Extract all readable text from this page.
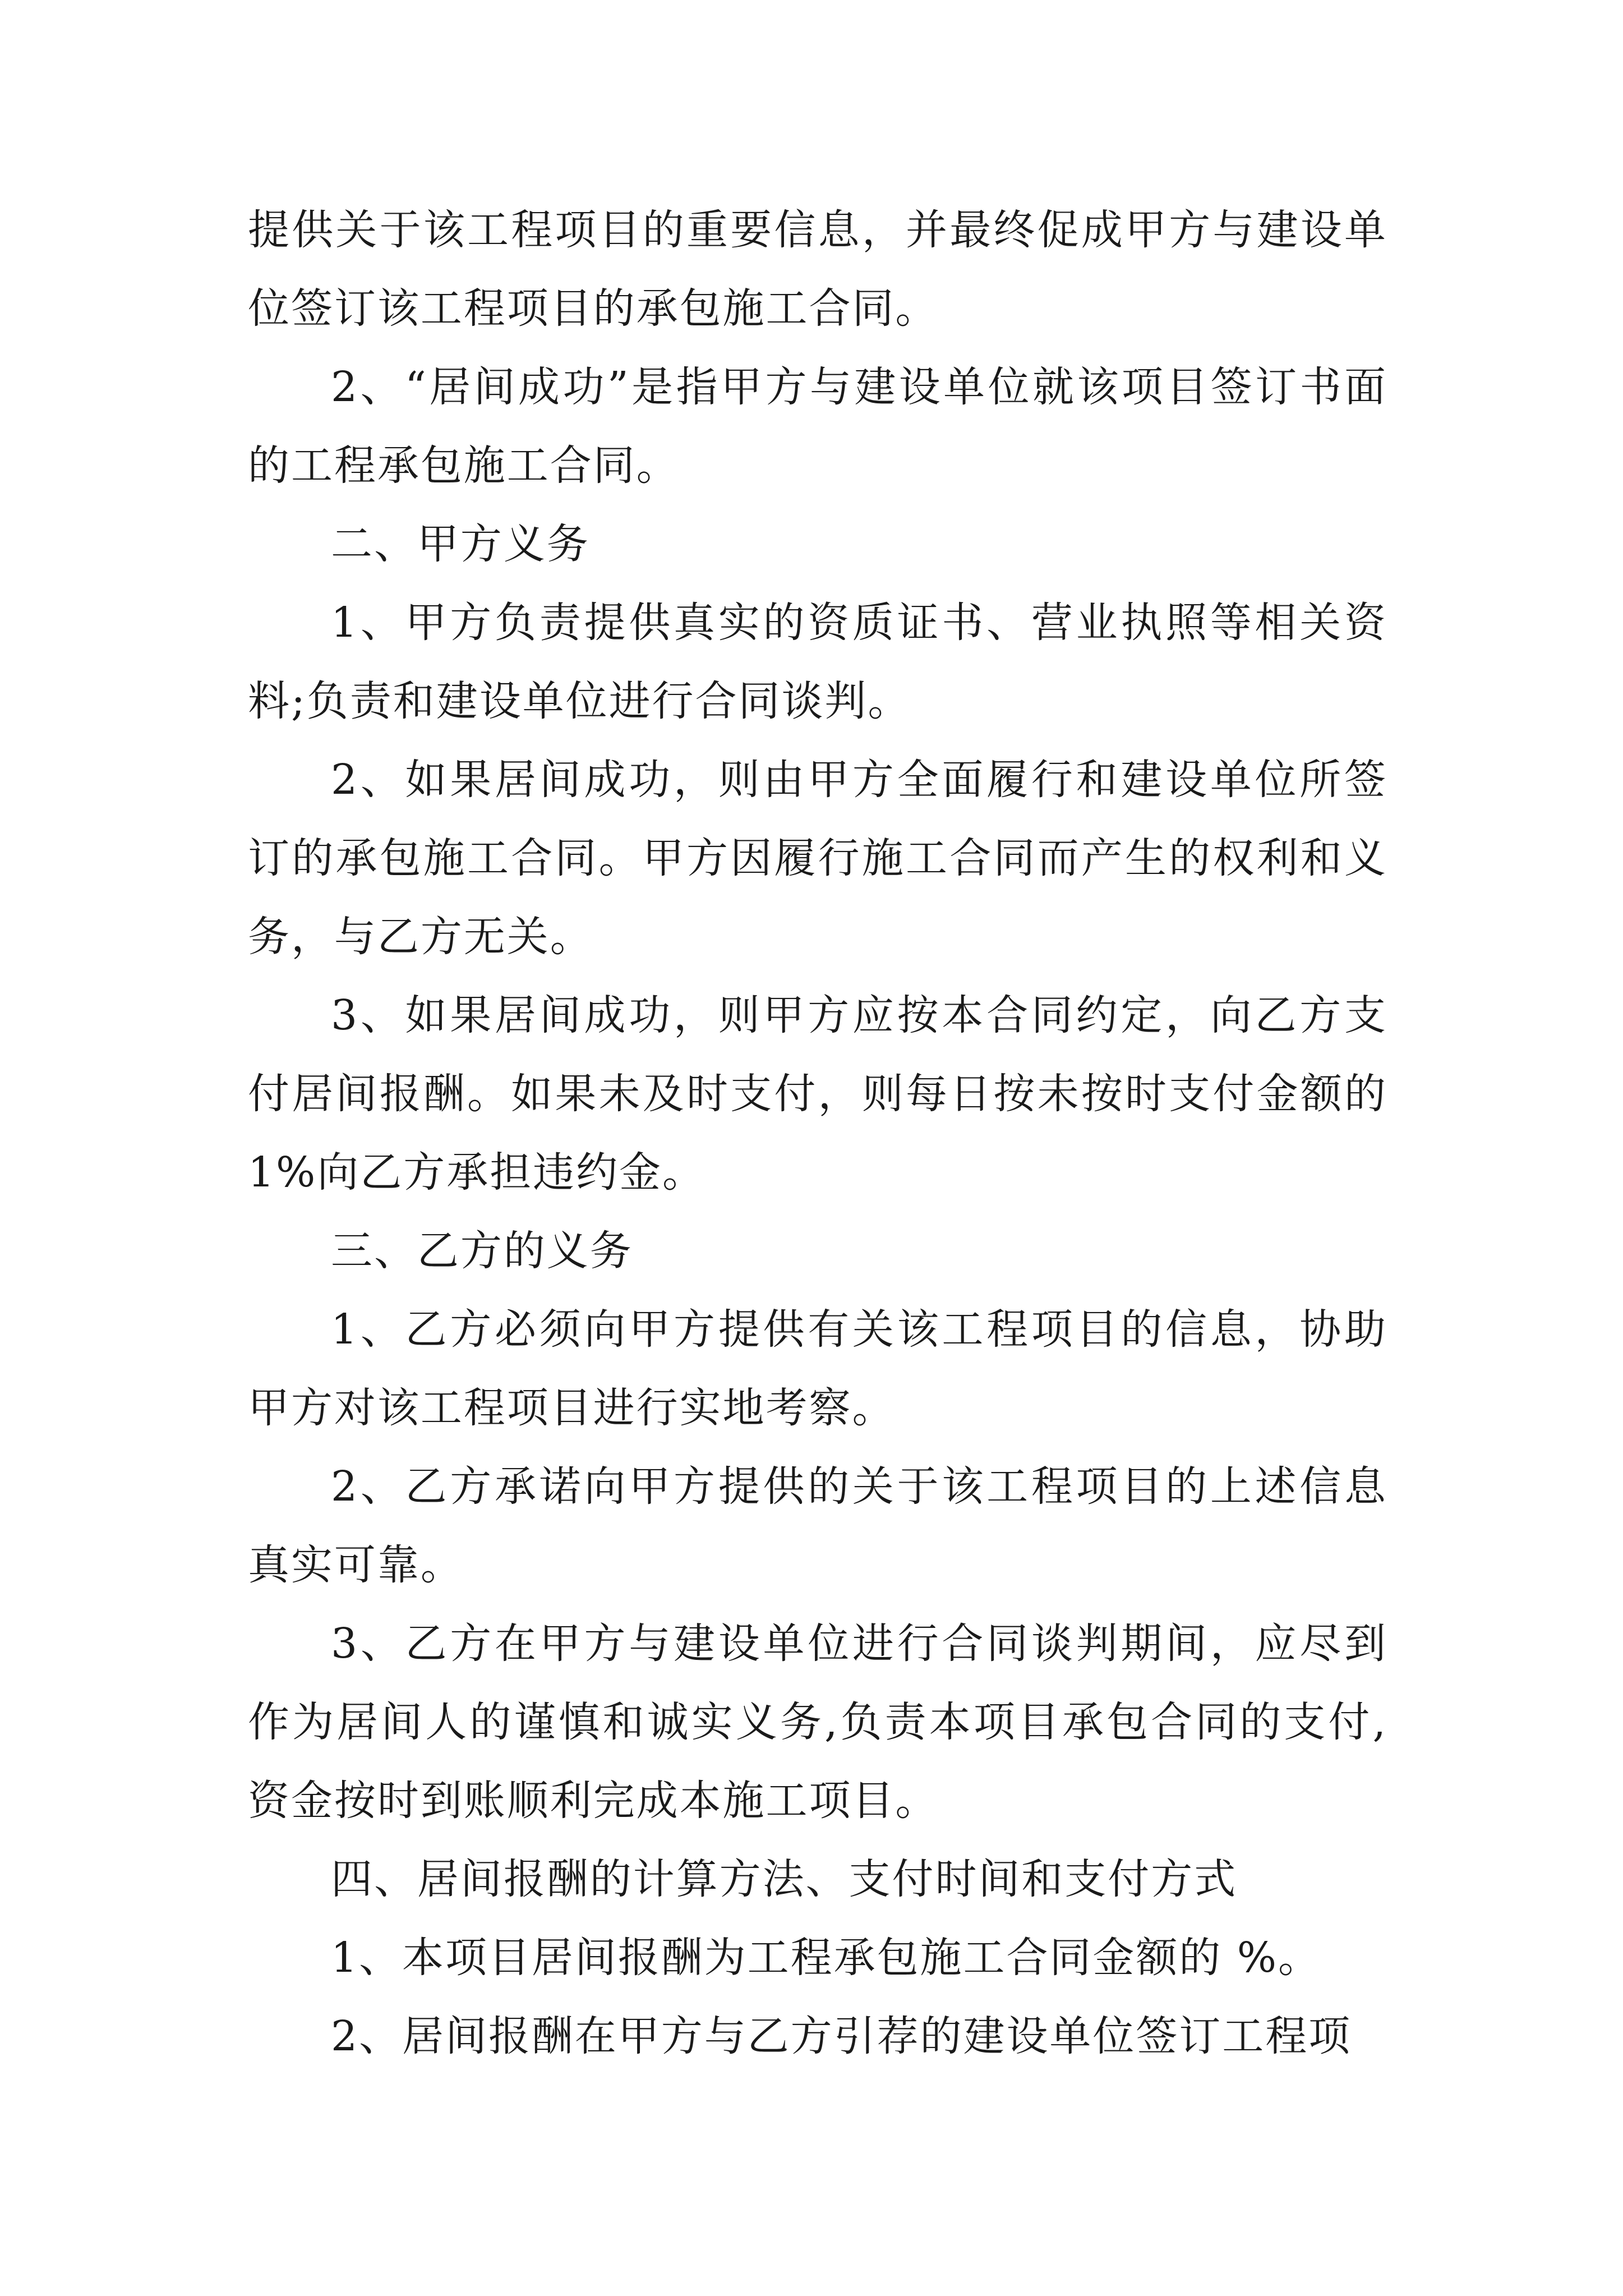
提供关于该工程项目的重要信息，并最终促成甲方与建设单位签订该工程项目的承包施工合同。

2、“居间成功”是指甲方与建设单位就该项目签订书面的工程承包施工合同。

二、甲方义务

1、甲方负责提供真实的资质证书、营业执照等相关资料;负责和建设单位进行合同谈判。

2、如果居间成功，则由甲方全面履行和建设单位所签订的承包施工合同。甲方因履行施工合同而产生的权利和义务，与乙方无关。

3、如果居间成功，则甲方应按本合同约定，向乙方支付居间报酬。如果未及时支付，则每日按未按时支付金额的1%向乙方承担违约金。

三、乙方的义务

1、乙方必须向甲方提供有关该工程项目的信息，协助甲方对该工程项目进行实地考察。

2、乙方承诺向甲方提供的关于该工程项目的上述信息真实可靠。

3、乙方在甲方与建设单位进行合同谈判期间，应尽到作为居间人的谨慎和诚实义务,负责本项目承包合同的支付,资金按时到账顺利完成本施工项目。

四、居间报酬的计算方法、支付时间和支付方式

1、本项目居间报酬为工程承包施工合同金额的 %。

2、居间报酬在甲方与乙方引荐的建设单位签订工程项
